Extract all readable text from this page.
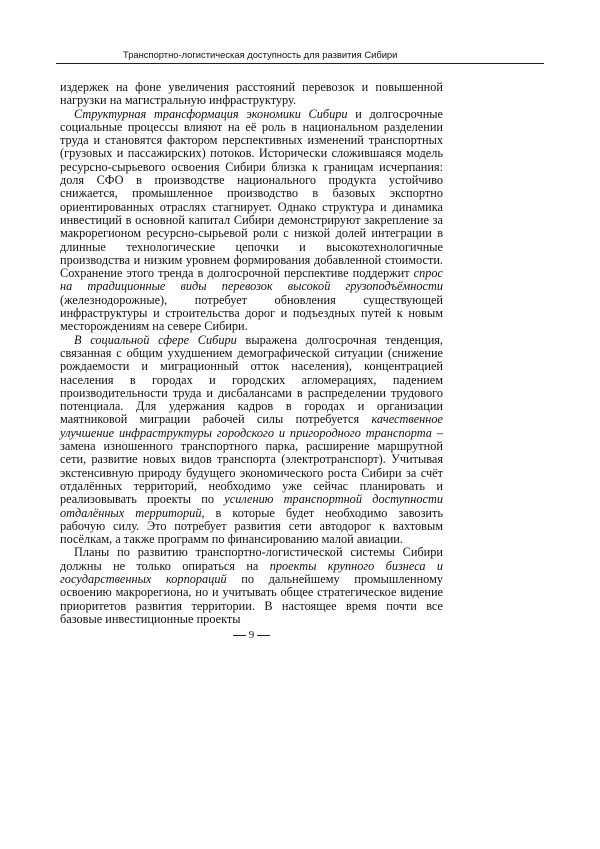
Транспортно-логистическая доступность для развития Сибири

издержек на фоне увеличения расстояний перевозок и повышенной нагрузки на магистральную инфраструктуру.

Структурная трансформация экономики Сибири и долгосрочные социальные процессы влияют на её роль в национальном разделении труда и становятся фактором перспективных изменений транспортных (грузовых и пассажирских) потоков. Исторически сложившаяся модель ресурсно-сырьевого освоения Сибири близка к границам исчерпания: доля СФО в производстве национального продукта устойчиво снижается, промышленное производство в базовых экспортно ориентированных отраслях стагнирует. Однако структура и динамика инвестиций в основной капитал Сибири демонстрируют закрепление за макрорегионом ресурсно-сырьевой роли с низкой долей интеграции в длинные технологические цепочки и высокотехнологичные производства и низким уровнем формирования добавленной стоимости. Сохранение этого тренда в долгосрочной перспективе поддержит спрос на традиционные виды перевозок высокой грузоподъёмности (железнодорожные), потребует обновления существующей инфраструктуры и строительства дорог и подъездных путей к новым месторождениям на севере Сибири.

В социальной сфере Сибири выражена долгосрочная тенденция, связанная с общим ухудшением демографической ситуации (снижение рождаемости и миграционный отток населения), концентрацией населения в городах и городских агломерациях, падением производительности труда и дисбалансами в распределении трудового потенциала. Для удержания кадров в городах и организации маятниковой миграции рабочей силы потребуется качественное улучшение инфраструктуры городского и пригородного транспорта – замена изношенного транспортного парка, расширение маршрутной сети, развитие новых видов транспорта (электротранспорт). Учитывая экстенсивную природу будущего экономического роста Сибири за счёт отдалённых территорий, необходимо уже сейчас планировать и реализовывать проекты по усилению транспортной доступности отдалённых территорий, в которые будет необходимо завозить рабочую силу. Это потребует развития сети автодорог к вахтовым посёлкам, а также программ по финансированию малой авиации.

Планы по развитию транспортно-логистической системы Сибири должны не только опираться на проекты крупного бизнеса и государственных корпораций по дальнейшему промышленному освоению макрорегиона, но и учитывать общее стратегическое видение приоритетов развития территории. В настоящее время почти все базовые инвестиционные проекты

9
